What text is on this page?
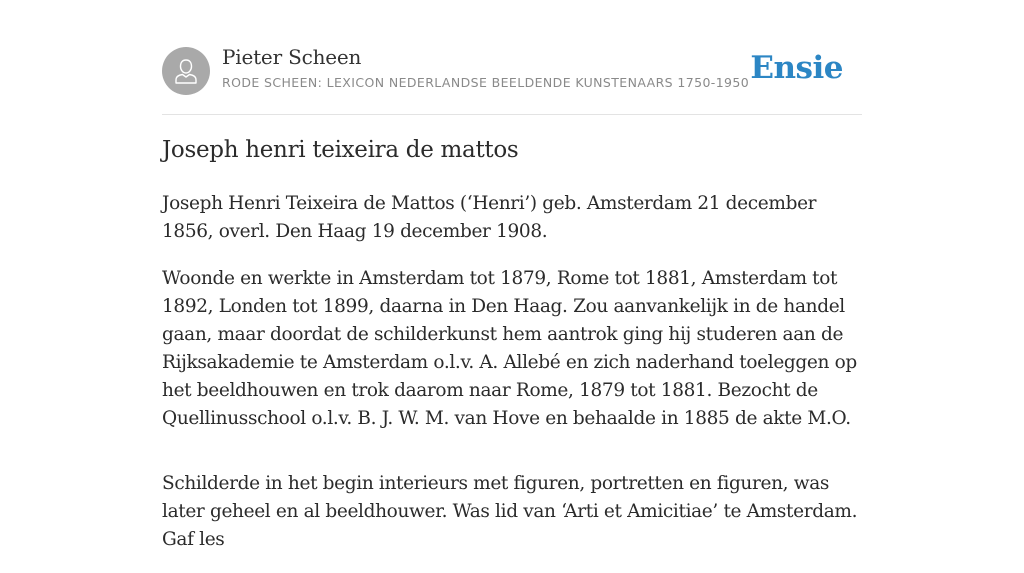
Pieter Scheen
RODE SCHEEN: LEXICON NEDERLANDSE BEELDENDE KUNSTENAARS 1750-1950 Ensie
Joseph henri teixeira de mattos

Joseph Henri Teixeira de Mattos (‘Henri’) geb. Amsterdam 21 december 1856, overl. Den Haag 19 december 1908.

Woonde en werkte in Amsterdam tot 1879, Rome tot 1881, Amsterdam tot 1892, Londen tot 1899, daarna in Den Haag. Zou aanvankelijk in de handel gaan, maar doordat de schilderkunst hem aantrok ging hij studeren aan de Rijksakademie te Amsterdam o.l.v. A. Allebé en zich naderhand toeleggen op het beeldhouwen en trok daarom naar Rome, 1879 tot 1881. Bezocht de Quellinusschool o.l.v. B. J. W. M. van Hove en behaalde in 1885 de akte M.O.

Schilderde in het begin interieurs met figuren, portretten en figuren, was later geheel en al beeldhouwer. Was lid van ‘Arti et Amicitiae’ te Amsterdam. Gaf les
